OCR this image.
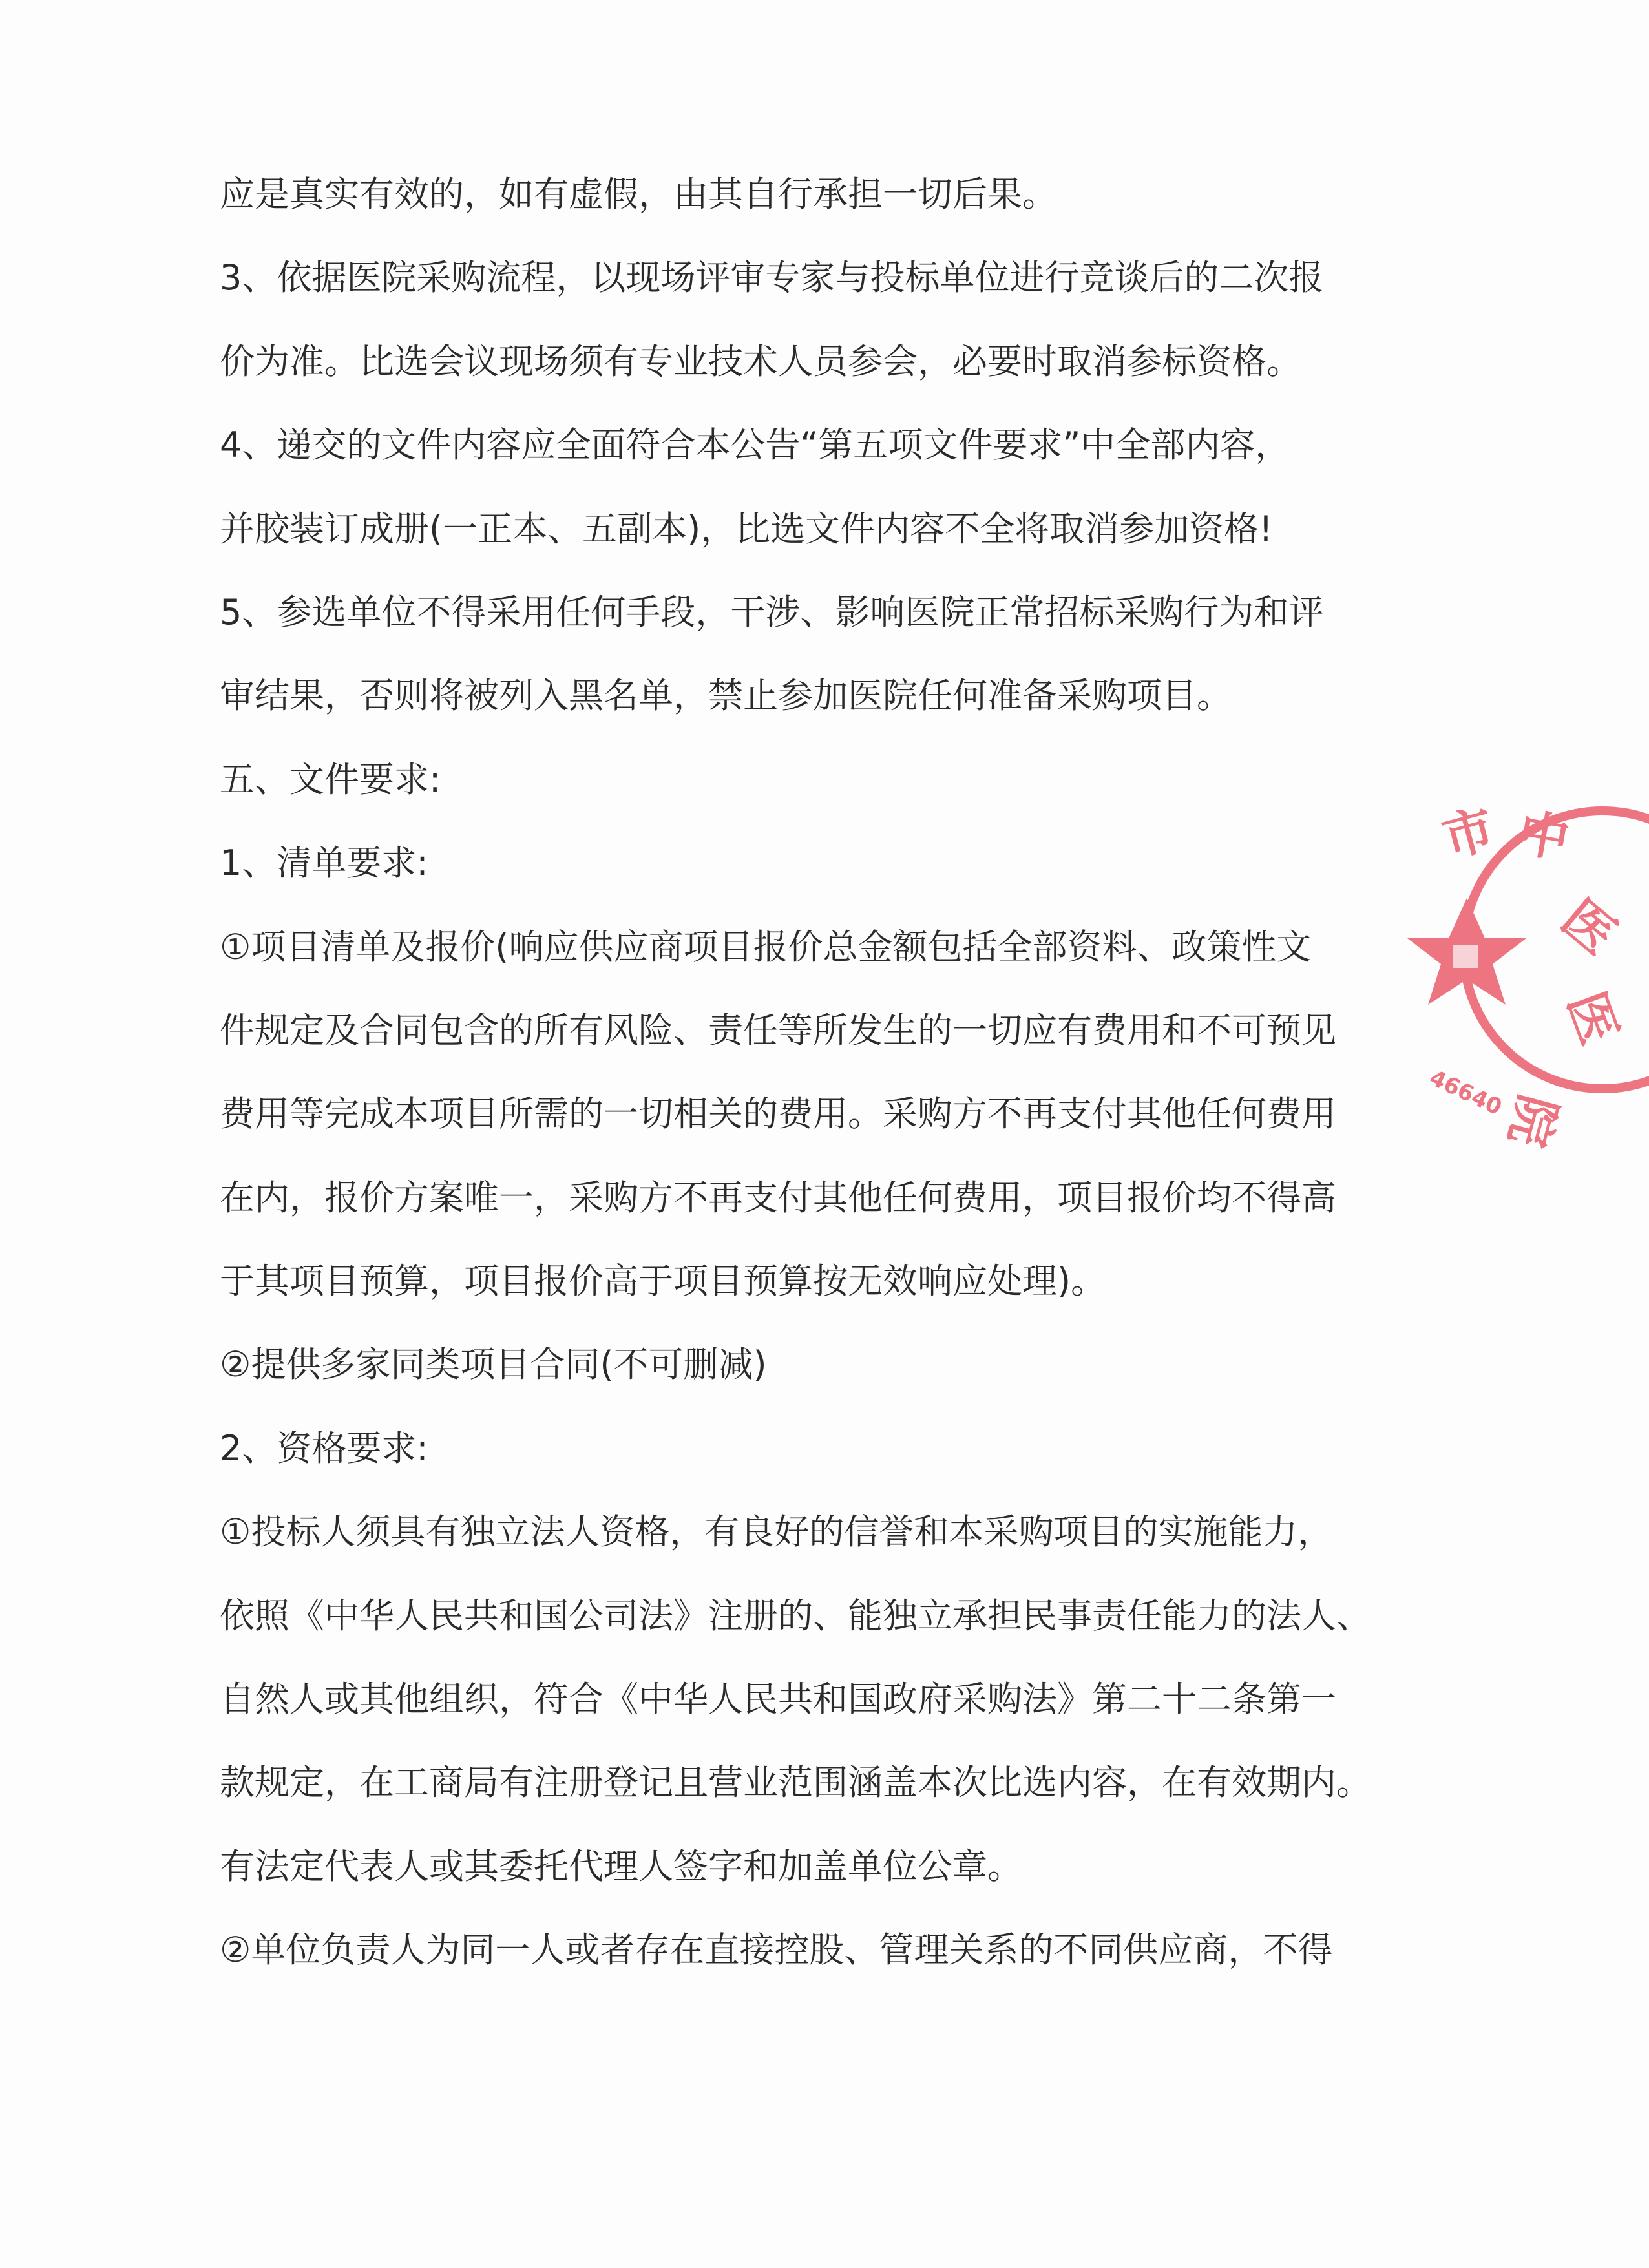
应是真实有效的，如有虚假，由其自行承担一切后果。
3、依据医院采购流程，以现场评审专家与投标单位进行竞谈后的二次报
价为准。比选会议现场须有专业技术人员参会，必要时取消参标资格。
4、递交的文件内容应全面符合本公告“第五项文件要求”中全部内容，
并胶装订成册(一正本、五副本)，比选文件内容不全将取消参加资格!
5、参选单位不得采用任何手段，干涉、影响医院正常招标采购行为和评
审结果，否则将被列入黑名单，禁止参加医院任何准备采购项目。
五、文件要求:
1、清单要求:
①项目清单及报价(响应供应商项目报价总金额包括全部资料、政策性文
件规定及合同包含的所有风险、责任等所发生的一切应有费用和不可预见
费用等完成本项目所需的一切相关的费用。采购方不再支付其他任何费用
在内，报价方案唯一，采购方不再支付其他任何费用，项目报价均不得高
于其项目预算，项目报价高于项目预算按无效响应处理)。
②提供多家同类项目合同(不可删减)
2、资格要求:
①投标人须具有独立法人资格，有良好的信誉和本采购项目的实施能力，
依照《中华人民共和国公司法》注册的、能独立承担民事责任能力的法人、
自然人或其他组织，符合《中华人民共和国政府采购法》第二十二条第一
款规定，在工商局有注册登记且营业范围涵盖本次比选内容，在有效期内。
有法定代表人或其委托代理人签字和加盖单位公章。
②单位负责人为同一人或者存在直接控股、管理关系的不同供应商，不得
市 中
医
医
院
46640
